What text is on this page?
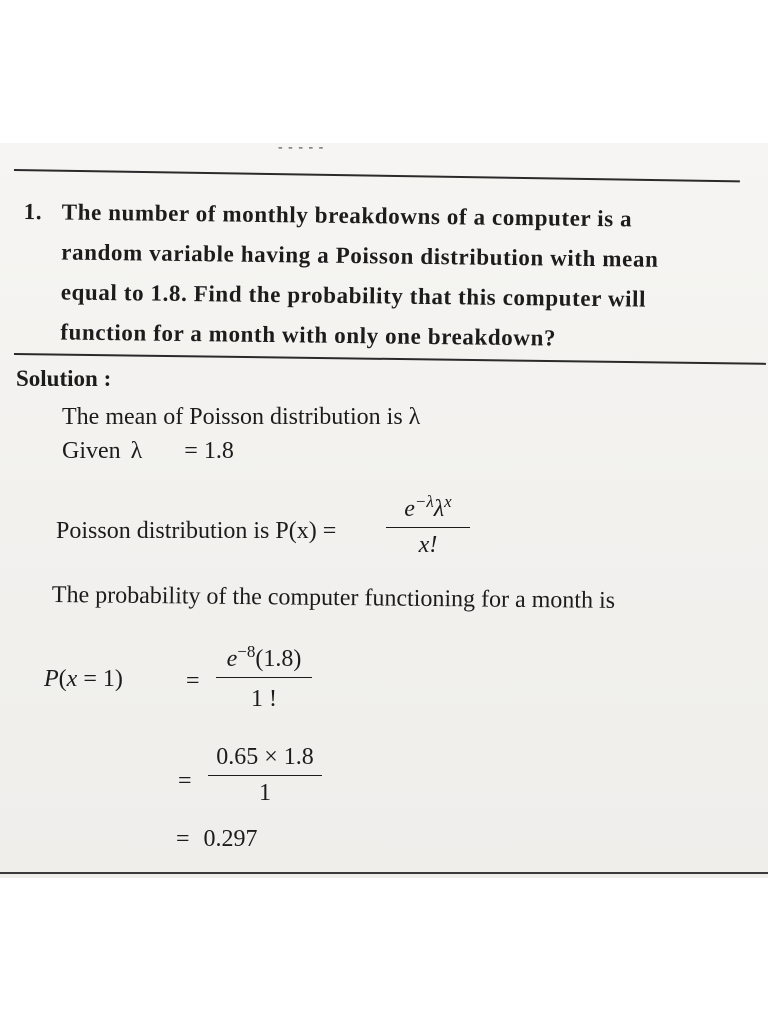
- - - - -
1. The number of monthly breakdowns of a computer is a
random variable having a Poisson distribution with mean
equal to 1.8. Find the probability that this computer will
function for a month with only one breakdown?
Solution :
The mean of Poisson distribution is λ
Given λ = 1.8
Poisson distribution is P(x) =
$e^{-\lambda}\lambda^x$
x!
The probability of the computer functioning for a month is
P(x = 1)	=
$e^{-8}(1.8)$
1 !
=
0.65 × 1.8
1
= 0.297
